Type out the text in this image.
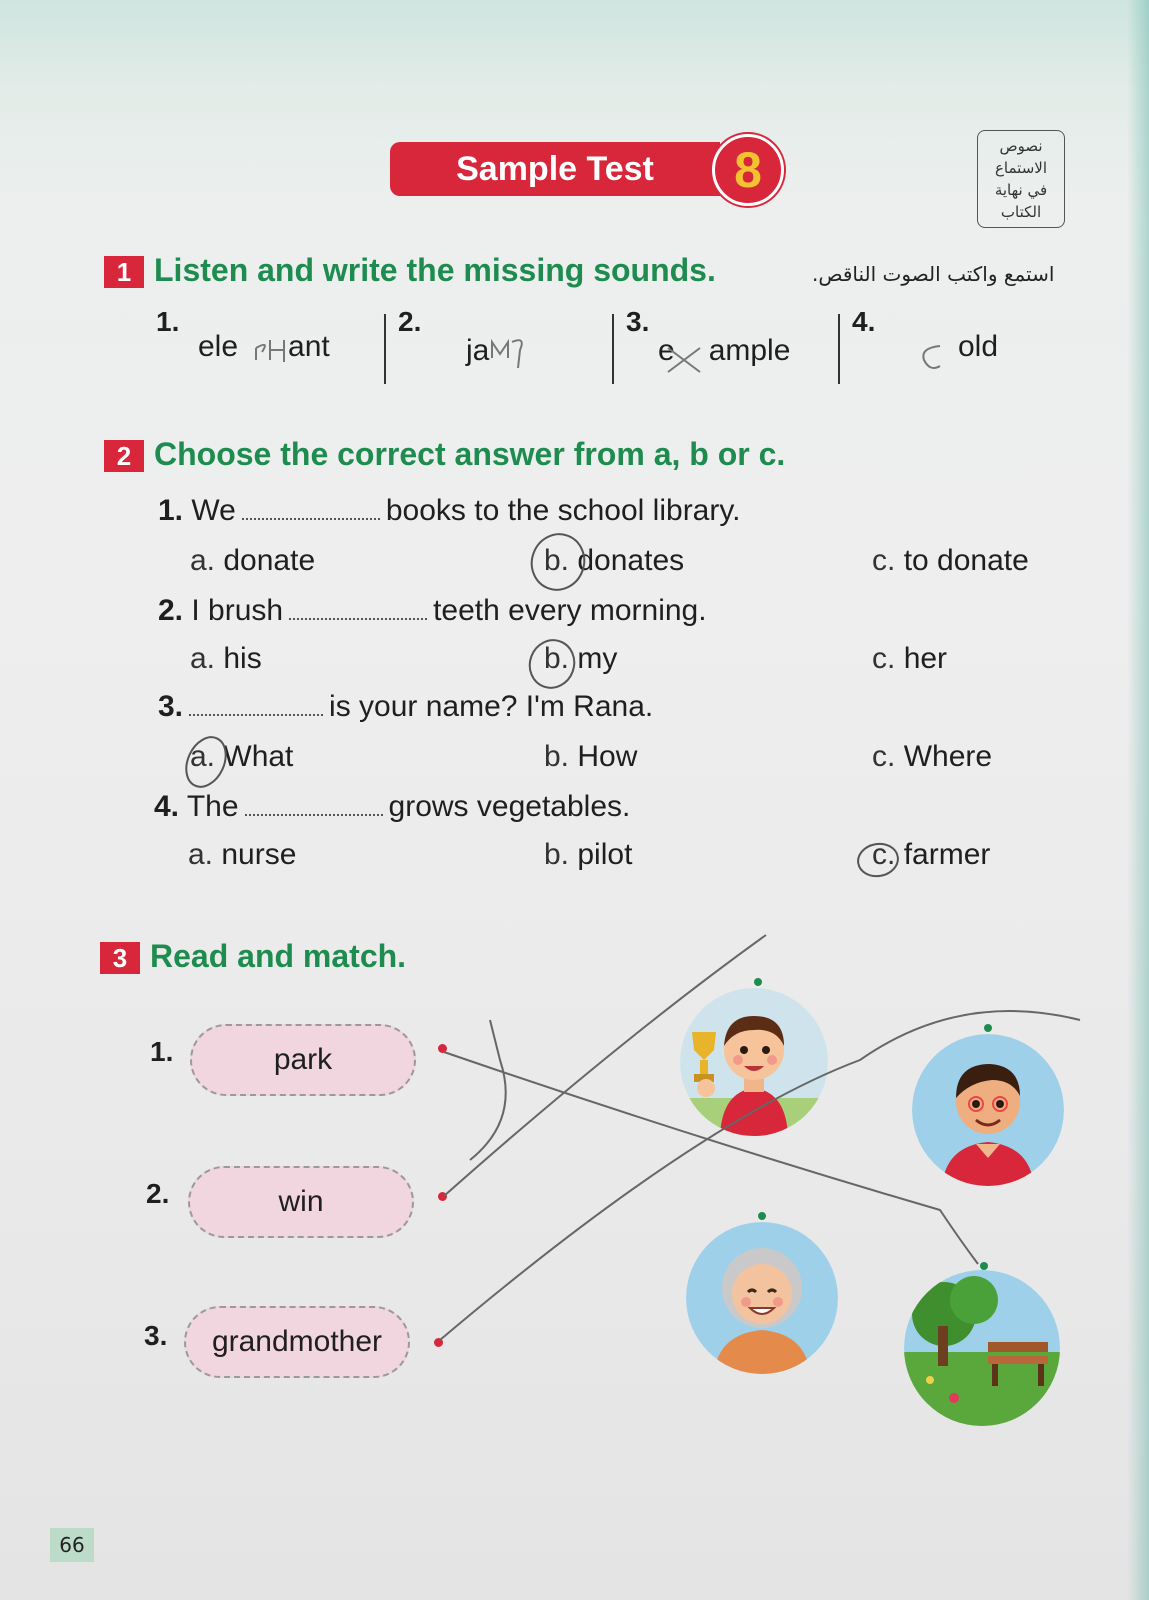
Sample Test	8	نصوص
الاستماع
في نهاية
الكتاب
1 Listen and write the missing sounds.	استمع واكتب الصوت الناقص.
1.
ele ant
2.
ja
3.
e ample
4.
old
2 Choose the correct answer from a, b or c.
1. We	books to the school library.
a. donate	b. donates	c. to donate
2. I brush	teeth every morning.
a. his	b. my	c. her
3.	is your name? I'm Rana.
a. What	b. How	c. Where
4. The	grows vegetables.
a. nurse	b. pilot	c. farmer
3 Read and match.
1.	park
2.	win
3.	grandmother
66
